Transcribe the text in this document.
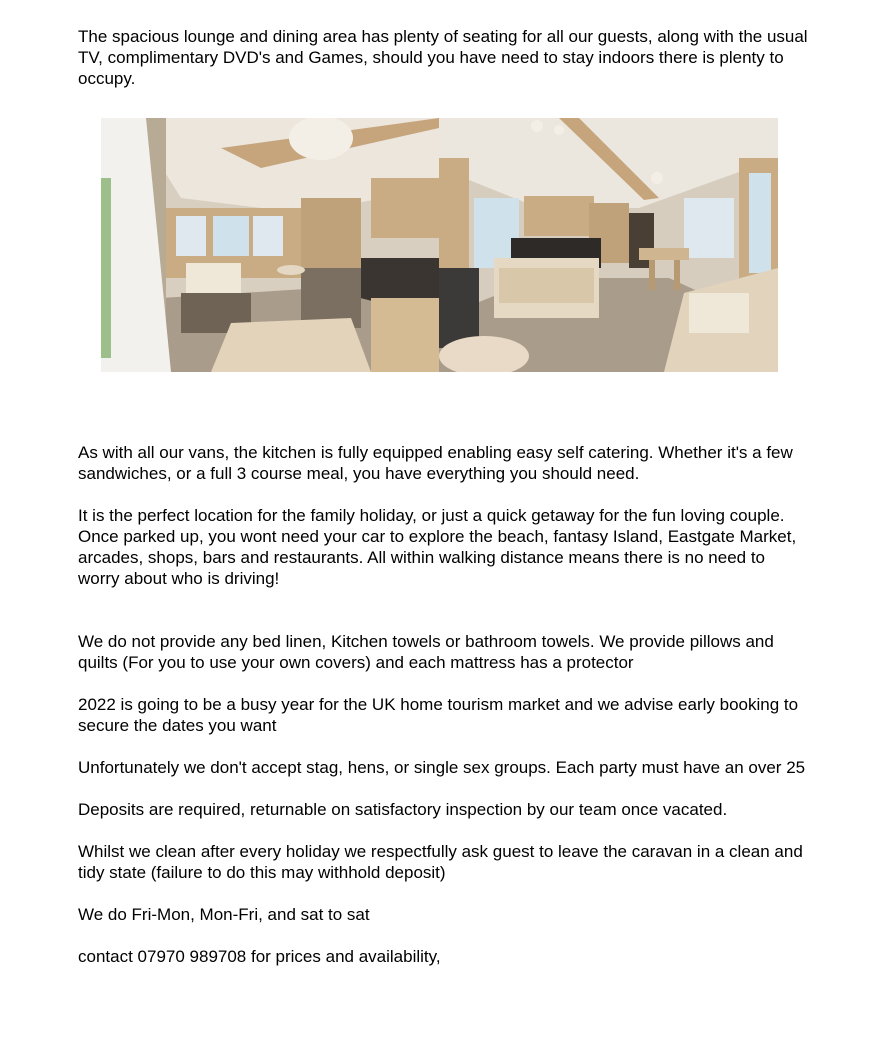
The spacious lounge and dining area has plenty of seating for all our guests, along with the usual TV, complimentary DVD's and Games, should you have need to stay indoors there is plenty to occupy.

As with all our vans, the kitchen is fully equipped enabling easy self catering. Whether it's a few sandwiches, or a full 3 course meal, you have everything you should need.

It is the perfect location for the family holiday, or just a quick getaway for the fun loving couple. Once parked up, you wont need your car to explore the beach, fantasy Island, Eastgate Market, arcades, shops, bars and restaurants. All within walking distance means there is no need to worry about who is driving!

We do not provide any bed linen, Kitchen towels or bathroom towels. We provide pillows and quilts (For you to use your own covers) and each mattress has a protector

2022 is going to be a busy year for the UK home tourism market and we advise early booking to secure the dates you want

Unfortunately we don't accept stag, hens, or single sex groups. Each party must have an over 25

Deposits are required, returnable on satisfactory inspection by our team once vacated.

Whilst we clean after every holiday we respectfully ask guest to leave the caravan in a clean and tidy state (failure to do this may withhold deposit)

We do Fri-Mon, Mon-Fri, and sat to sat

contact 07970 989708 for prices and availability,
